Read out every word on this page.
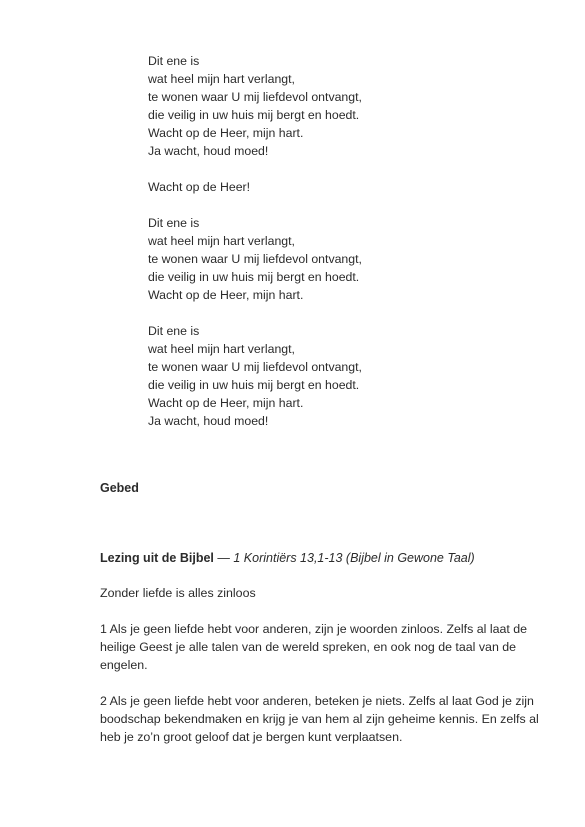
Dit ene is
wat heel mijn hart verlangt,
te wonen waar U mij liefdevol ontvangt,
die veilig in uw huis mij bergt en hoedt.
Wacht op de Heer, mijn hart.
Ja wacht, houd moed!
Wacht op de Heer!
Dit ene is
wat heel mijn hart verlangt,
te wonen waar U mij liefdevol ontvangt,
die veilig in uw huis mij bergt en hoedt.
Wacht op de Heer, mijn hart.
Dit ene is
wat heel mijn hart verlangt,
te wonen waar U mij liefdevol ontvangt,
die veilig in uw huis mij bergt en hoedt.
Wacht op de Heer, mijn hart.
Ja wacht, houd moed!
Gebed
Lezing uit de Bijbel — 1 Korintiërs 13,1-13 (Bijbel in Gewone Taal)

Zonder liefde is alles zinloos

1 Als je geen liefde hebt voor anderen, zijn je woorden zinloos. Zelfs al laat de heilige Geest je alle talen van de wereld spreken, en ook nog de taal van de engelen.

2 Als je geen liefde hebt voor anderen, beteken je niets. Zelfs al laat God je zijn boodschap bekendmaken en krijg je van hem al zijn geheime kennis. En zelfs al heb je zo’n groot geloof dat je bergen kunt verplaatsen.
